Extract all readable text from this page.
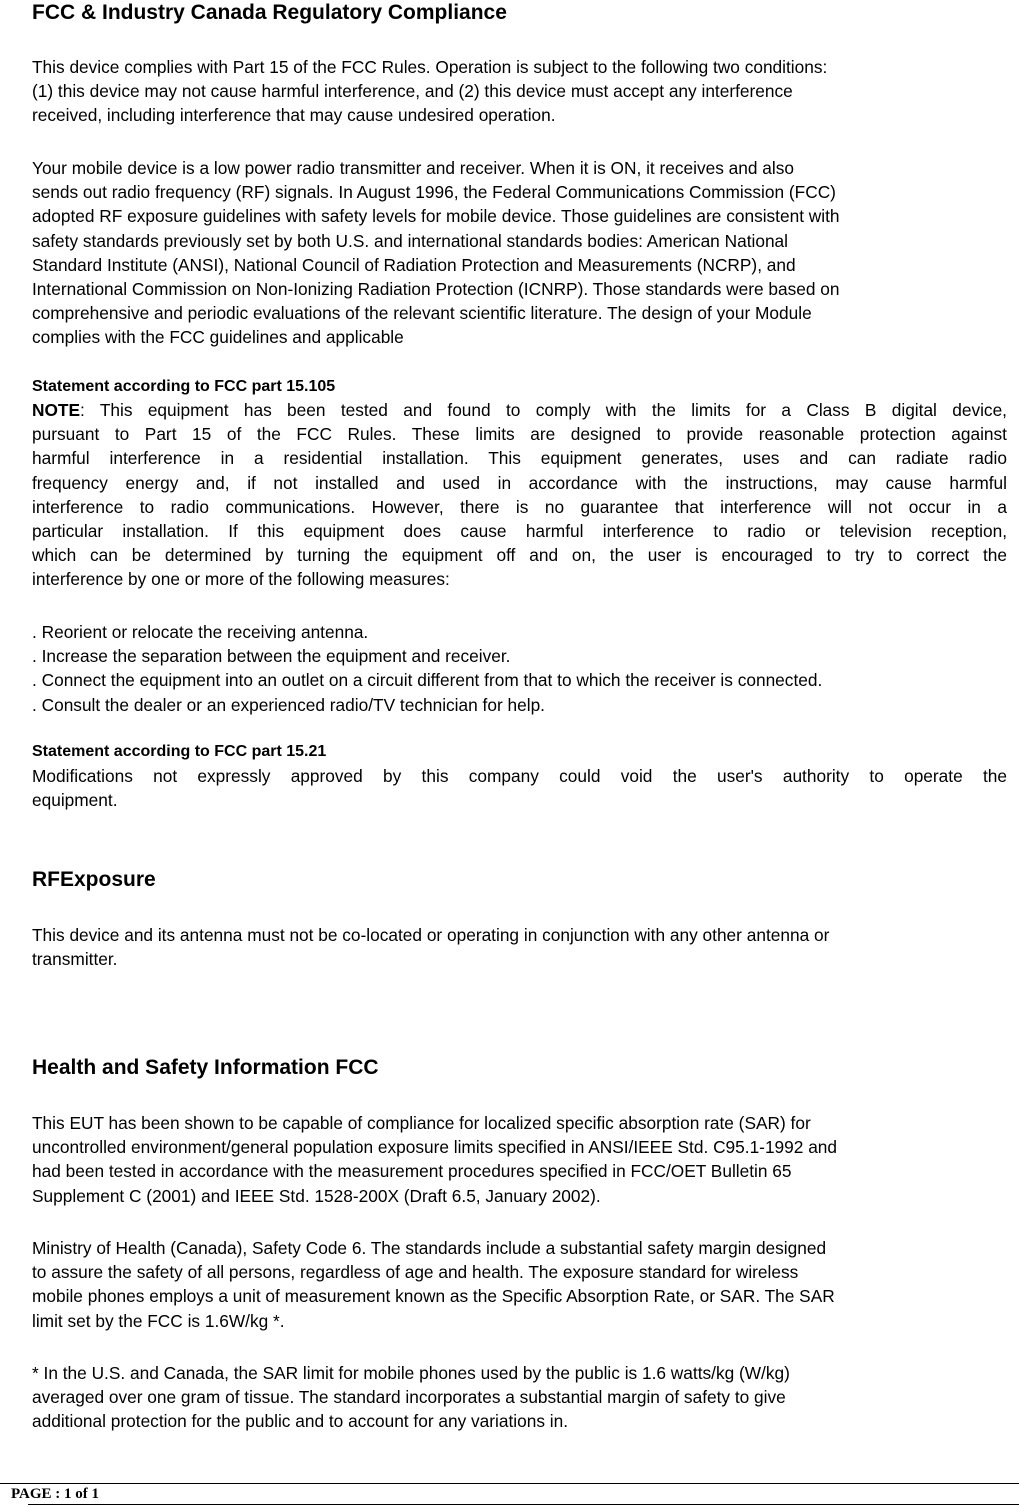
FCC & Industry Canada Regulatory Compliance
This device complies with Part 15 of the FCC Rules. Operation is subject to the following two conditions:
(1) this device may not cause harmful interference, and (2) this device must accept any interference
received, including interference that may cause undesired operation.
Your mobile device is a low power radio transmitter and receiver. When it is ON, it receives and also
sends out radio frequency (RF) signals. In August 1996, the Federal Communications Commission (FCC)
adopted RF exposure guidelines with safety levels for mobile device. Those guidelines are consistent with
safety standards previously set by both U.S. and international standards bodies: American National
Standard Institute (ANSI), National Council of Radiation Protection and Measurements (NCRP), and
International Commission on Non-Ionizing Radiation Protection (ICNRP). Those standards were based on
comprehensive and periodic evaluations of the relevant scientific literature. The design of your Module
complies with the FCC guidelines and applicable
Statement according to FCC part 15.105
NOTE: This equipment has been tested and found to comply with the limits for a Class B digital device,
pursuant to Part 15 of the FCC Rules. These limits are designed to provide reasonable protection against
harmful interference in a residential installation. This equipment generates, uses and can radiate radio
frequency energy and, if not installed and used in accordance with the instructions, may cause harmful
interference to radio communications. However, there is no guarantee that interference will not occur in a
particular installation. If this equipment does cause harmful interference to radio or television reception,
which can be determined by turning the equipment off and on, the user is encouraged to try to correct the
interference by one or more of the following measures:
. Reorient or relocate the receiving antenna.
. Increase the separation between the equipment and receiver.
. Connect the equipment into an outlet on a circuit different from that to which the receiver is connected.
. Consult the dealer or an experienced radio/TV technician for help.
Statement according to FCC part 15.21
Modifications not expressly approved by this company could void the user's authority to operate the
equipment.
RFExposure
This device and its antenna must not be co-located or operating in conjunction with any other antenna or
transmitter.
Health and Safety Information FCC
This EUT has been shown to be capable of compliance for localized specific absorption rate (SAR) for
uncontrolled environment/general population exposure limits specified in ANSI/IEEE Std. C95.1-1992 and
had been tested in accordance with the measurement procedures specified in FCC/OET Bulletin 65
Supplement C (2001) and IEEE Std. 1528-200X (Draft 6.5, January 2002).
Ministry of Health (Canada), Safety Code 6. The standards include a substantial safety margin designed
to assure the safety of all persons, regardless of age and health. The exposure standard for wireless
mobile phones employs a unit of measurement known as the Specific Absorption Rate, or SAR. The SAR
limit set by the FCC is 1.6W/kg *.
* In the U.S. and Canada, the SAR limit for mobile phones used by the public is 1.6 watts/kg (W/kg)
averaged over one gram of tissue. The standard incorporates a substantial margin of safety to give
additional protection for the public and to account for any variations in.
PAGE : 1 of 1
